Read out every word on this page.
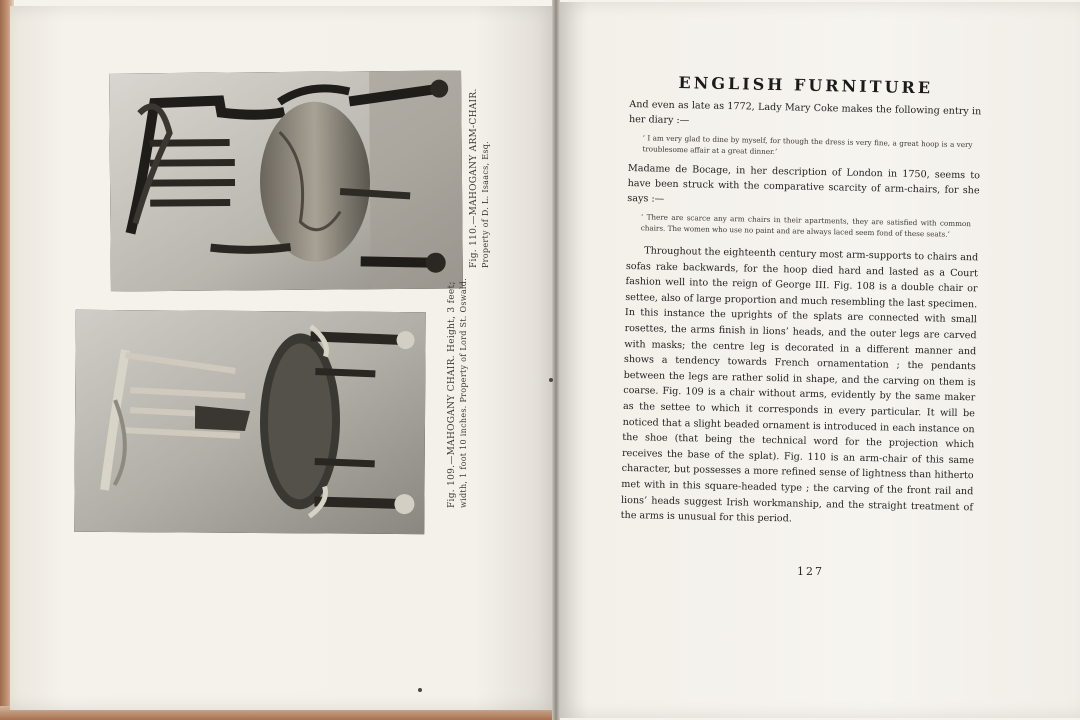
Fig. 110.—MAHOGANY ARM-CHAIR. Property of D. L. Isaacs, Esq.
Fig. 109.—MAHOGANY CHAIR. Height, 3 feet; width, 1 foot 10 inches. Property of Lord St. Oswald.
ENGLISH FURNITURE

And even as late as 1772, Lady Mary Coke makes the following entry in her diary :—

‘ I am very glad to dine by myself, for though the dress is very fine, a great hoop is a very troublesome affair at a great dinner.’

Madame de Bocage, in her description of London in 1750, seems to have been struck with the comparative scarcity of arm-chairs, for she says :—

‘ There are scarce any arm chairs in their apartments, they are satisfied with common chairs. The women who use no paint and are always laced seem fond of these seats.’

Throughout the eighteenth century most arm-supports to chairs and sofas rake backwards, for the hoop died hard and lasted as a Court fashion well into the reign of George III. Fig. 108 is a double chair or settee, also of large proportion and much resembling the last specimen. In this instance the uprights of the splats are connected with small rosettes, the arms finish in lions’ heads, and the outer legs are carved with masks; the centre leg is decorated in a different manner and shows a tendency towards French ornamentation ; the pendants between the legs are rather solid in shape, and the carving on them is coarse. Fig. 109 is a chair without arms, evidently by the same maker as the settee to which it corresponds in every particular. It will be noticed that a slight beaded ornament is introduced in each instance on the shoe (that being the technical word for the projection which receives the base of the splat). Fig. 110 is an arm-chair of this same character, but possesses a more refined sense of lightness than hitherto met with in this square-headed type ; the carving of the front rail and lions’ heads suggest Irish workmanship, and the straight treatment of the arms is unusual for this period.

127
